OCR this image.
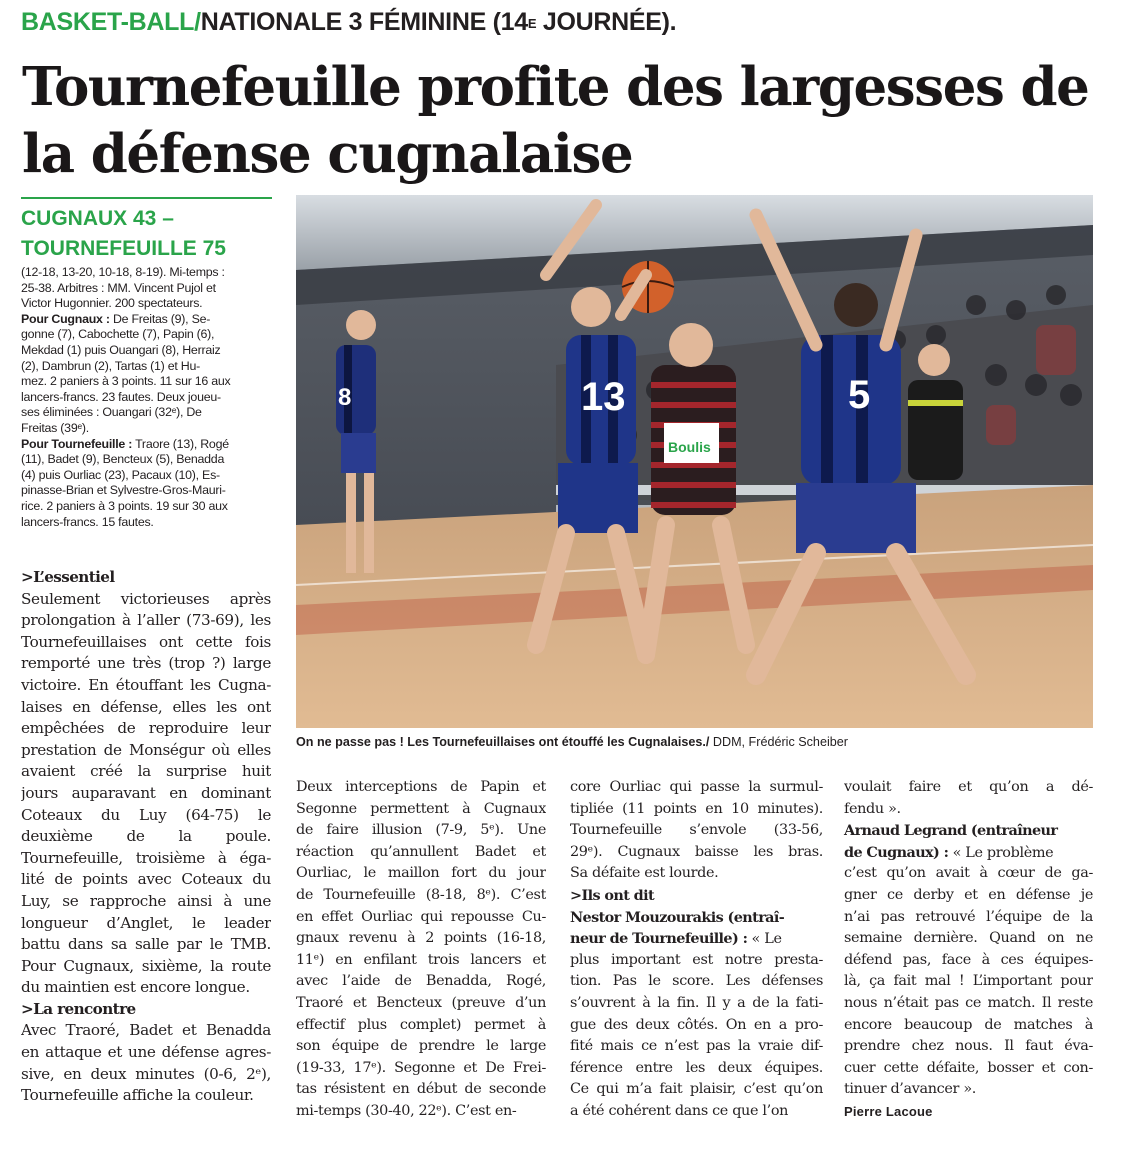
BASKET-BALL/NATIONALE 3 FÉMININE ($14^E$ JOURNÉE).
Tournefeuille profite des largesses de
la défense cugnalaise
CUGNAUX 43 –
TOURNEFEUILLE 75

(12-18, 13-20, 10-18, 8-19). Mi-temps :

25-38. Arbitres : MM. Vincent Pujol et

Victor Hugonnier. 200 spectateurs.

Pour Cugnaux : De Freitas (9), Se-

gonne (7), Cabochette (7), Papin (6),

Mekdad (1) puis Ouangari (8), Herraiz

(2), Dambrun (2), Tartas (1) et Hu-

mez. 2 paniers à 3 points. 11 sur 16 aux

lancers-francs. 23 fautes. Deux joueu-

ses éliminées : Ouangari (32ᵉ), De

Freitas (39ᵉ).

Pour Tournefeuille : Traore (13), Rogé

(11), Badet (9), Bencteux (5), Benadda

(4) puis Ourliac (23), Pacaux (10), Es-

pinasse-Brian et Sylvestre-Gros-Mauri-

rice. 2 paniers à 3 points. 19 sur 30 aux

lancers-francs. 15 fautes.

8	13
Boulis
5
On ne passe pas ! Les Tournefeuillaises ont étouffé les Cugnalaises./ DDM, Frédéric Scheiber
>L’essentiel
Seulement victorieuses après
prolongation à l’aller (73-69), les
Tournefeuillaises ont cette fois
remporté une très (trop ?) large
victoire. En étouffant les Cugna-
laises en défense, elles les ont
empêchées de reproduire leur
prestation de Monségur où elles
avaient créé la surprise huit
jours auparavant en dominant
Coteaux du Luy (64-75) le
deuxième de la poule.
Tournefeuille, troisième à éga-
lité de points avec Coteaux du
Luy, se rapproche ainsi à une
longueur d’Anglet, le leader
battu dans sa salle par le TMB.
Pour Cugnaux, sixième, la route
du maintien est encore longue.
>La rencontre
Avec Traoré, Badet et Benadda
en attaque et une défense agres-
sive, en deux minutes (0-6, 2ᵉ),
Tournefeuille affiche la couleur.
Deux interceptions de Papin et
Segonne permettent à Cugnaux
de faire illusion (7-9, 5ᵉ). Une
réaction qu’annullent Badet et
Ourliac, le maillon fort du jour
de Tournefeuille (8-18, 8ᵉ). C’est
en effet Ourliac qui repousse Cu-
gnaux revenu à 2 points (16-18,
11ᵉ) en enfilant trois lancers et
avec l’aide de Benadda, Rogé,
Traoré et Bencteux (preuve d’un
effectif plus complet) permet à
son équipe de prendre le large
(19-33, 17ᵉ). Segonne et De Frei-
tas résistent en début de seconde
mi-temps (30-40, 22ᵉ). C’est en-
core Ourliac qui passe la surmul-
tipliée (11 points en 10 minutes).
Tournefeuille s’envole (33-56,
29ᵉ). Cugnaux baisse les bras.
Sa défaite est lourde.
>Ils ont dit
Nestor Mouzourakis (entraî-
neur de Tournefeuille) : « Le
plus important est notre presta-
tion. Pas le score. Les défenses
s’ouvrent à la fin. Il y a de la fati-
gue des deux côtés. On en a pro-
fité mais ce n’est pas la vraie dif-
férence entre les deux équipes.
Ce qui m’a fait plaisir, c’est qu’on
a été cohérent dans ce que l’on
voulait faire et qu’on a dé-
fendu ».
Arnaud Legrand (entraîneur
de Cugnaux) : « Le problème
c’est qu’on avait à cœur de ga-
gner ce derby et en défense je
n’ai pas retrouvé l’équipe de la
semaine dernière. Quand on ne
défend pas, face à ces équipes-
là, ça fait mal ! L’important pour
nous n’était pas ce match. Il reste
encore beaucoup de matches à
prendre chez nous. Il faut éva-
cuer cette défaite, bosser et con-
tinuer d’avancer ».
Pierre Lacoue
